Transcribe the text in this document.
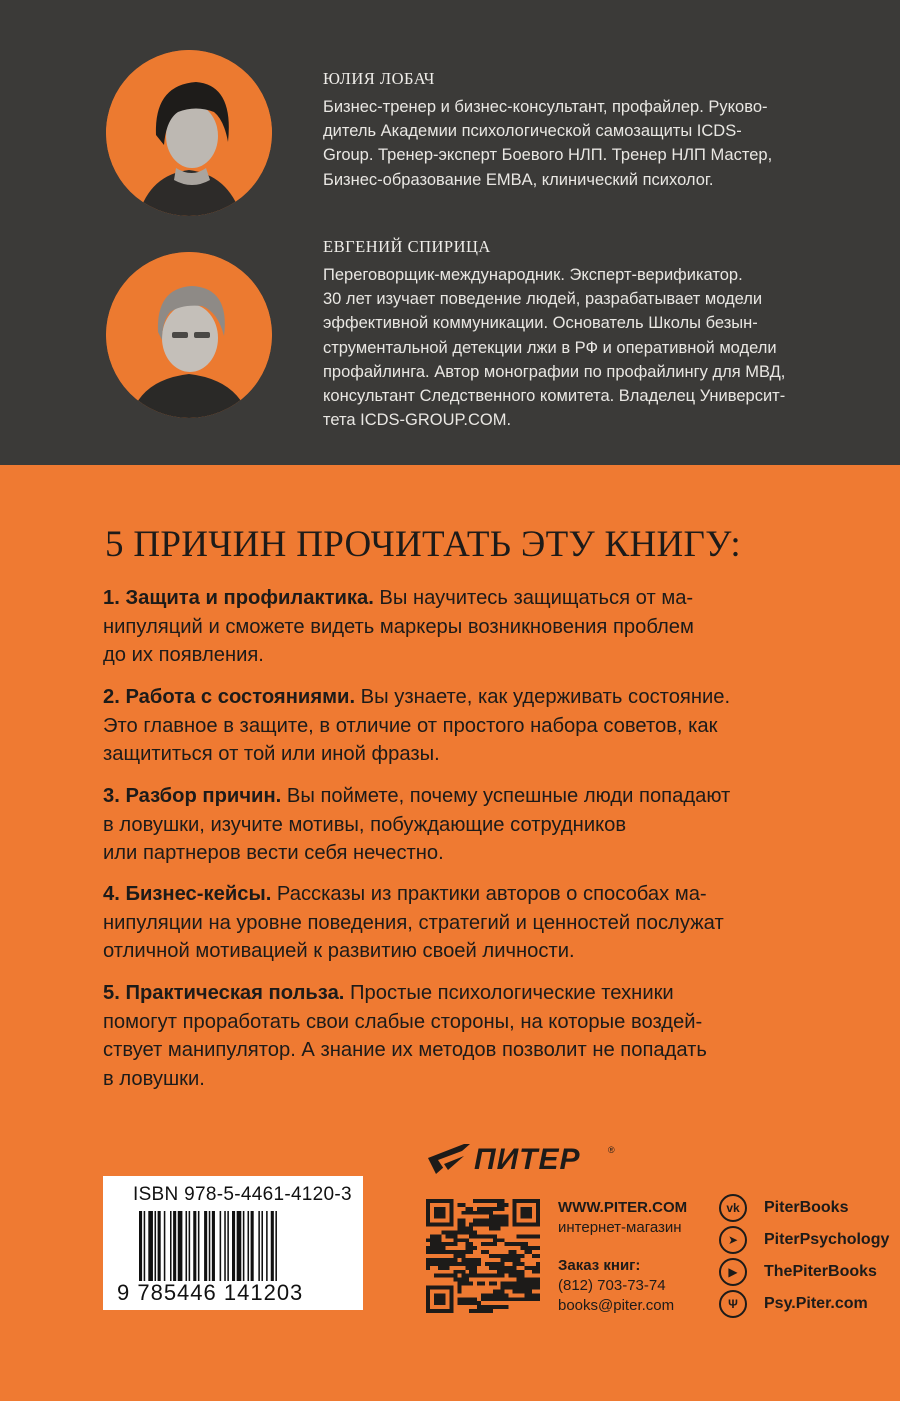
ЮЛИЯ ЛОБАЧ
Бизнес-тренер и бизнес-консультант, профайлер. Руково-
дитель Академии психологической самозащиты ICDS-
Group. Тренер-эксперт Боевого НЛП. Тренер НЛП Мастер,
Бизнес-образование EMBA, клинический психолог.
ЕВГЕНИЙ СПИРИЦА
Переговорщик-международник. Эксперт-верификатор.
30 лет изучает поведение людей, разрабатывает модели
эффективной коммуникации. Основатель Школы безын-
струментальной детекции лжи в РФ и оперативной модели
профайлинга. Автор монографии по профайлингу для МВД,
консультант Следственного комитета. Владелец Университ-
тета ICDS-GROUP.COM.
5 ПРИЧИН ПРОЧИТАТЬ ЭТУ КНИГУ:
1. Защита и профилактика. Вы научитесь защищаться от ма-
нипуляций и сможете видеть маркеры возникновения проблем
до их появления.
2. Работа с состояниями. Вы узнаете, как удерживать состояние.
Это главное в защите, в отличие от простого набора советов, как
защититься от той или иной фразы.
3. Разбор причин. Вы поймете, почему успешные люди попадают
в ловушки, изучите мотивы, побуждающие сотрудников
или партнеров вести себя нечестно.
4. Бизнес-кейсы. Рассказы из практики авторов о способах ма-
нипуляции на уровне поведения, стратегий и ценностей послужат
отличной мотивацией к развитию своей личности.
5. Практическая польза. Простые психологические техники
помогут проработать свои слабые стороны, на которые воздей-
ствует манипулятор. А знание их методов позволит не попадать
в ловушки.
ISBN 978-5-4461-4120-3
9 785446 141203
ПИТЕР	®
WWW.PITER.COM
интернет-магазин
Заказ книг:
(812) 703-73-74
books@piter.com
vk	PiterBooks
➤	PiterPsychology
▶	ThePiterBooks
Ψ	Psy.Piter.com
